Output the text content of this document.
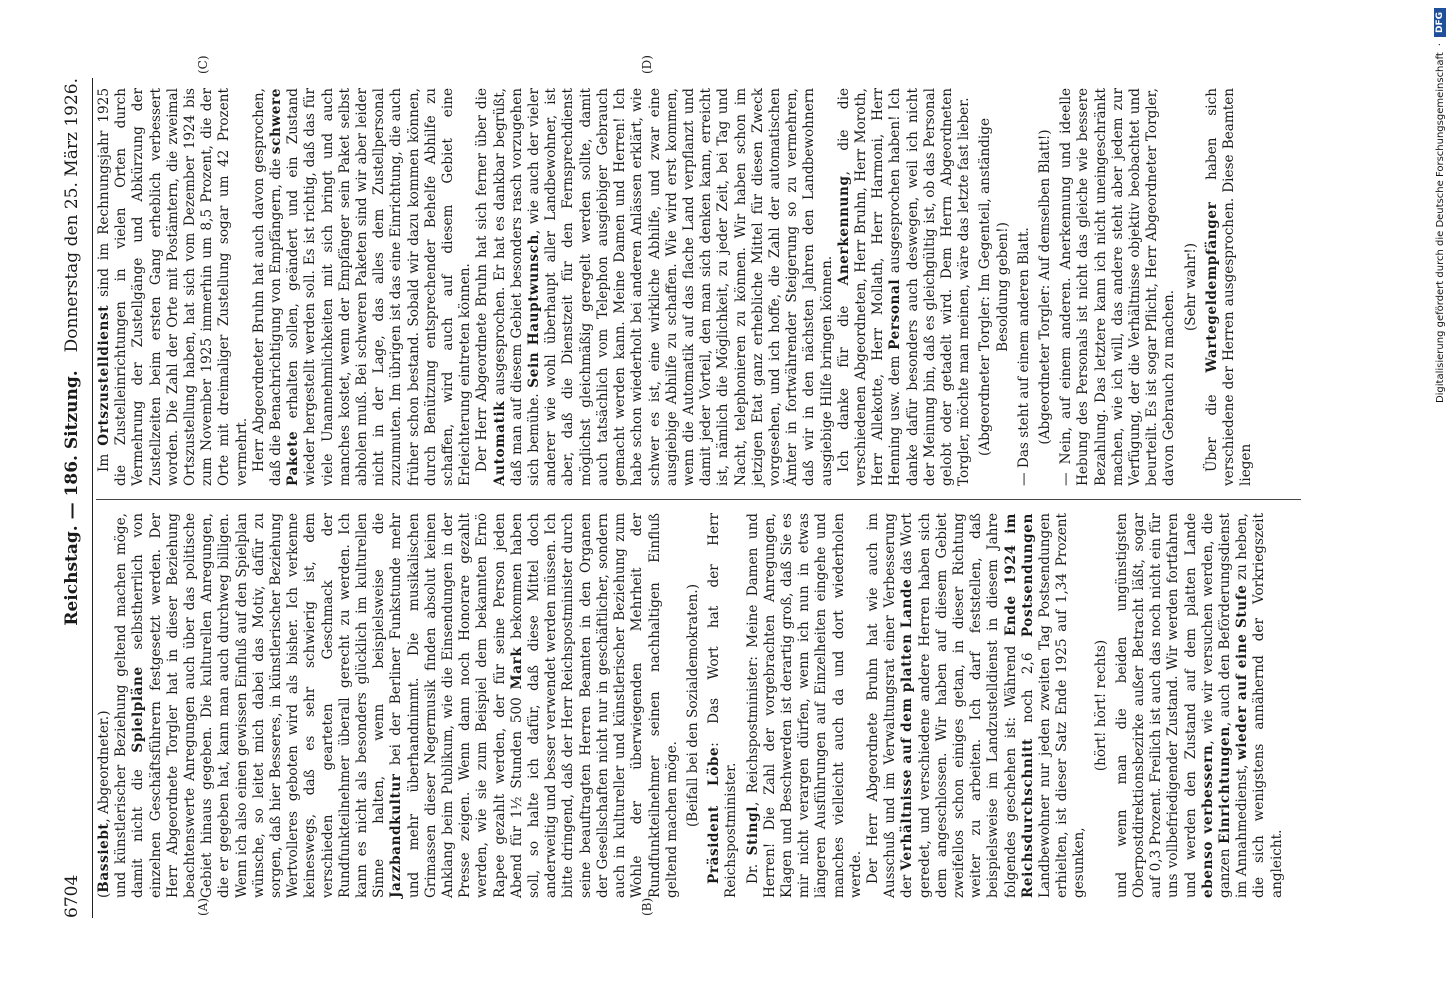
6704
Reichstag. — 186. Sitzung.
Donnerstag den 25. März 1926.
(A)	(B)
(C)	(D)

(Bassiebt, Abgeordneter.) und künstlerischer Beziehung geltend machen möge, damit nicht die Spielpläne selbstherrlich von einzelnen Geschäftsführern festgesetzt werden. Der Herr Abgeordnete Torgler hat in dieser Beziehung beachtenswerte Anregungen auch über das politische Gebiet hinaus gegeben. Die kulturellen Anregungen, die er gegeben hat, kann man auch durchweg billigen. Wenn ich also einen gewissen Einfluß auf den Spielplan wünsche, so leitet mich dabei das Motiv, dafür zu sorgen, daß hier Besseres, in künstlerischer Beziehung Wertvolleres geboten wird als bisher. Ich verkenne keineswegs, daß es sehr schwierig ist, dem verschieden gearteten Geschmack der Rundfunkteilnehmer überall gerecht zu werden. Ich kann es nicht als besonders glücklich im kulturellen Sinne halten, wenn beispielsweise die Jazzbandkultur bei der Berliner Funkstunde mehr und mehr überhandnimmt. Die musikalischen Grimassen dieser Negermusik finden absolut keinen Anklang beim Publikum, wie die Einsendungen in der Presse zeigen. Wenn dann noch Honorare gezahlt werden, wie sie zum Beispiel dem bekannten Ernö Rapee gezahlt werden, der für seine Person jeden Abend für 1½ Stunden 500 Mark bekommen haben soll, so halte ich dafür, daß diese Mittel doch anderweitig und besser verwendet werden müssen. Ich bitte dringend, daß der Herr Reichspostminister durch seine beauftragten Herren Beamten in den Organen der Gesellschaften nicht nur in geschäftlicher, sondern auch in kultureller und künstlerischer Beziehung zum Wohle der überwiegenden Mehrheit der Rundfunkteilnehmer seinen nachhaltigen Einfluß geltend machen möge. (Beifall bei den Sozialdemokraten.) Präsident Löbe: Das Wort hat der Herr Reichspostminister. Dr. Stingl, Reichspostminister: Meine Damen und Herren! Die Zahl der vorgebrachten Anregungen, Klagen und Beschwerden ist derartig groß, daß Sie es mir nicht verargen dürfen, wenn ich nun in etwas längeren Ausführungen auf Einzelheiten eingehe und manches vielleicht auch da und dort wiederholen werde. Der Herr Abgeordnete Bruhn hat wie auch im Ausschuß und im Verwaltungsrat einer Verbesserung der Verhältnisse auf dem platten Lande das Wort geredet, und verschiedene andere Herren haben sich dem angeschlossen. Wir haben auf diesem Gebiet zweifellos schon einiges getan, in dieser Richtung weiter zu arbeiten. Ich darf feststellen, daß beispielsweise im Landzustelldienst in diesem Jahre folgendes geschehen ist: Während Ende 1924 im Reichsdurchschnitt noch 2,6 Postsendungen Landbewohner nur jeden zweiten Tag Postsendungen erhielten, ist dieser Satz Ende 1925 auf 1,34 Prozent gesunken,

(hört! hört! rechts) und wenn man die beiden ungünstigsten Oberpostdirektionsbezirke außer Betracht läßt, sogar auf 0,3 Prozent. Freilich ist auch das noch nicht ein für uns vollbefriedigender Zustand. Wir werden fortfahren und werden den Zustand auf dem platten Lande ebenso verbessern, wie wir versuchen werden, die ganzen Einrichtungen, auch den Beförderungsdienst im Annahmedienst, wieder auf eine Stufe zu heben, die sich wenigstens annähernd der Vorkriegszeit angleicht.

Im Ortszustelldienst sind im Rechnungsjahr 1925 die Zustelleinrichtungen in vielen Orten durch Vermehrung der Zustellgänge und Abkürzung der Zustellzeiten beim ersten Gang erheblich verbessert worden. Die Zahl der Orte mit Postämtern, die zweimal Ortszustellung haben, hat sich vom Dezember 1924 bis zum November 1925 immerhin um 8,5 Prozent, die der Orte mit dreimaliger Zustellung sogar um 42 Prozent vermehrt. Herr Abgeordneter Bruhn hat auch davon gesprochen, daß die Benachrichtigung von Empfängern, die schwere Pakete erhalten sollen, geändert und ein Zustand wieder hergestellt werden soll. Es ist richtig, daß das für viele Unannehmlichkeiten mit sich bringt und auch manches kostet, wenn der Empfänger sein Paket selbst abholen muß. Bei schweren Paketen sind wir aber leider nicht in der Lage, das alles dem Zustellpersonal zuzumuten. Im übrigen ist das eine Einrichtung, die auch früher schon bestand. Sobald wir dazu kommen können, durch Benützung entsprechender Behelfe Abhilfe zu schaffen, wird auch auf diesem Gebiet eine Erleichterung eintreten können. Der Herr Abgeordnete Bruhn hat sich ferner über die Automatik ausgesprochen. Er hat es dankbar begrüßt, daß man auf diesem Gebiet besonders rasch vorzugehen sich bemühe. Sein Hauptwunsch, wie auch der vieler anderer wie wohl überhaupt aller Landbewohner, ist aber, daß die Dienstzeit für den Fernsprechdienst möglichst gleichmäßig geregelt werden sollte, damit auch tatsächlich vom Telephon ausgiebiger Gebrauch gemacht werden kann. Meine Damen und Herren! Ich habe schon wiederholt bei anderen Anlässen erklärt, wie schwer es ist, eine wirkliche Abhilfe, und zwar eine ausgiebige Abhilfe zu schaffen. Wie wird erst kommen, wenn die Automatik auf das flache Land verpflanzt und damit jeder Vorteil, den man sich denken kann, erreicht ist, nämlich die Möglichkeit, zu jeder Zeit, bei Tag und Nacht, telephonieren zu können. Wir haben schon im jetzigen Etat ganz erhebliche Mittel für diesen Zweck vorgesehen, und ich hoffe, die Zahl der automatischen Ämter in fortwährender Steigerung so zu vermehren, daß wir in den nächsten Jahren den Landbewohnern ausgiebige Hilfe bringen können. Ich danke für die Anerkennung, die die verschiedenen Abgeordneten, Herr Bruhn, Herr Moroth, Herr Allekotte, Herr Mollath, Herr Harmoni, Herr Henning usw. dem Personal ausgesprochen haben! Ich danke dafür besonders auch deswegen, weil ich nicht der Meinung bin, daß es gleichgültig ist, ob das Personal gelobt oder getadelt wird. Dem Herrn Abgeordneten Torgler, möchte man meinen, wäre das letzte fast lieber. (Abgeordneter Torgler: Im Gegenteil, anständige Besoldung geben!) — Das steht auf einem anderen Blatt. (Abgeordneter Torgler: Auf demselben Blatt!) — Nein, auf einem anderen. Anerkennung und ideelle Hebung des Personals ist nicht das gleiche wie bessere Bezahlung. Das letztere kann ich nicht uneingeschränkt machen, wie ich will, das andere steht aber jedem zur Verfügung, der die Verhältnisse objektiv beobachtet und beurteilt. Es ist sogar Pflicht, Herr Abgeordneter Torgler, davon Gebrauch zu machen.

(Sehr wahr!)

Über die Wartegeldempfänger haben sich verschiedene der Herren ausgesprochen. Diese Beamten liegen

Digitalisierung gefördert durch die Deutsche Forschungsgemeinschaft
·
DFG
